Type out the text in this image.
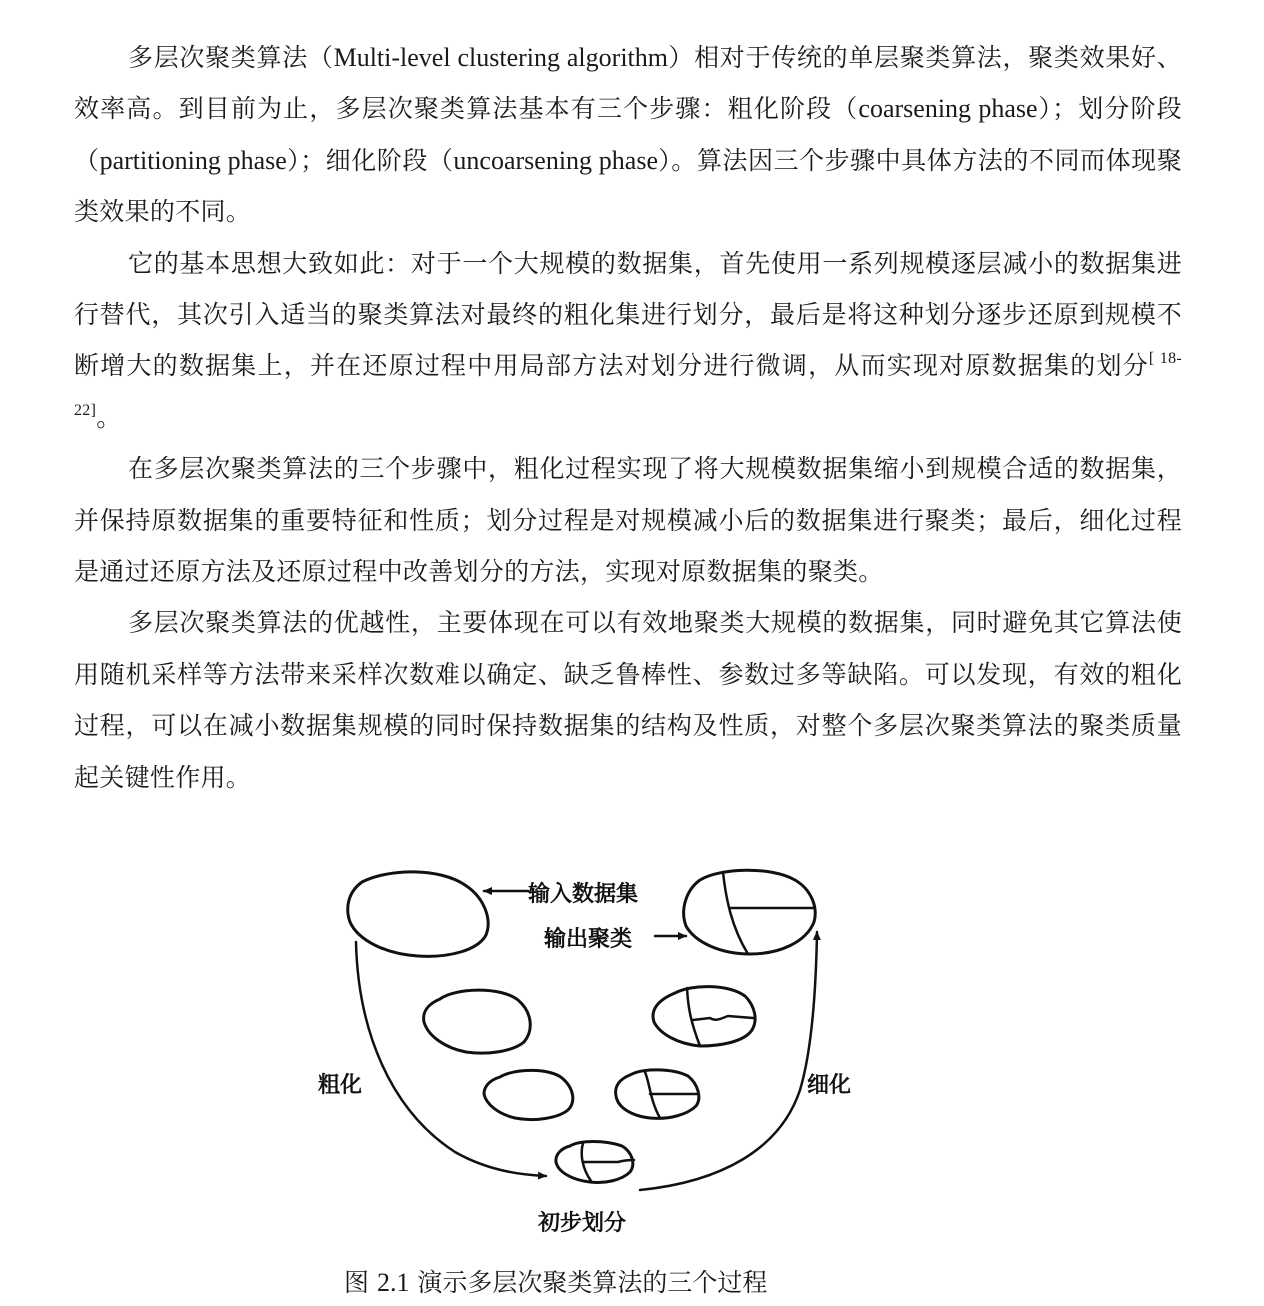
多层次聚类算法（Multi-level clustering algorithm）相对于传统的单层聚类算法，聚类效果好、效率高。到目前为止，多层次聚类算法基本有三个步骤：粗化阶段（coarsening phase）；划分阶段（partitioning phase）；细化阶段（uncoarsening phase）。算法因三个步骤中具体方法的不同而体现聚类效果的不同。

它的基本思想大致如此：对于一个大规模的数据集，首先使用一系列规模逐层减小的数据集进行替代，其次引入适当的聚类算法对最终的粗化集进行划分，最后是将这种划分逐步还原到规模不断增大的数据集上，并在还原过程中用局部方法对划分进行微调，从而实现对原数据集的划分[ 18-22]。

在多层次聚类算法的三个步骤中，粗化过程实现了将大规模数据集缩小到规模合适的数据集，并保持原数据集的重要特征和性质；划分过程是对规模减小后的数据集进行聚类；最后，细化过程是通过还原方法及还原过程中改善划分的方法，实现对原数据集的聚类。

多层次聚类算法的优越性，主要体现在可以有效地聚类大规模的数据集，同时避免其它算法使用随机采样等方法带来采样次数难以确定、缺乏鲁棒性、参数过多等缺陷。可以发现，有效的粗化过程，可以在减小数据集规模的同时保持数据集的结构及性质，对整个多层次聚类算法的聚类质量起关键性作用。

输入数据集
输出聚类
粗化	细化
初步划分
图 2.1 演示多层次聚类算法的三个过程
